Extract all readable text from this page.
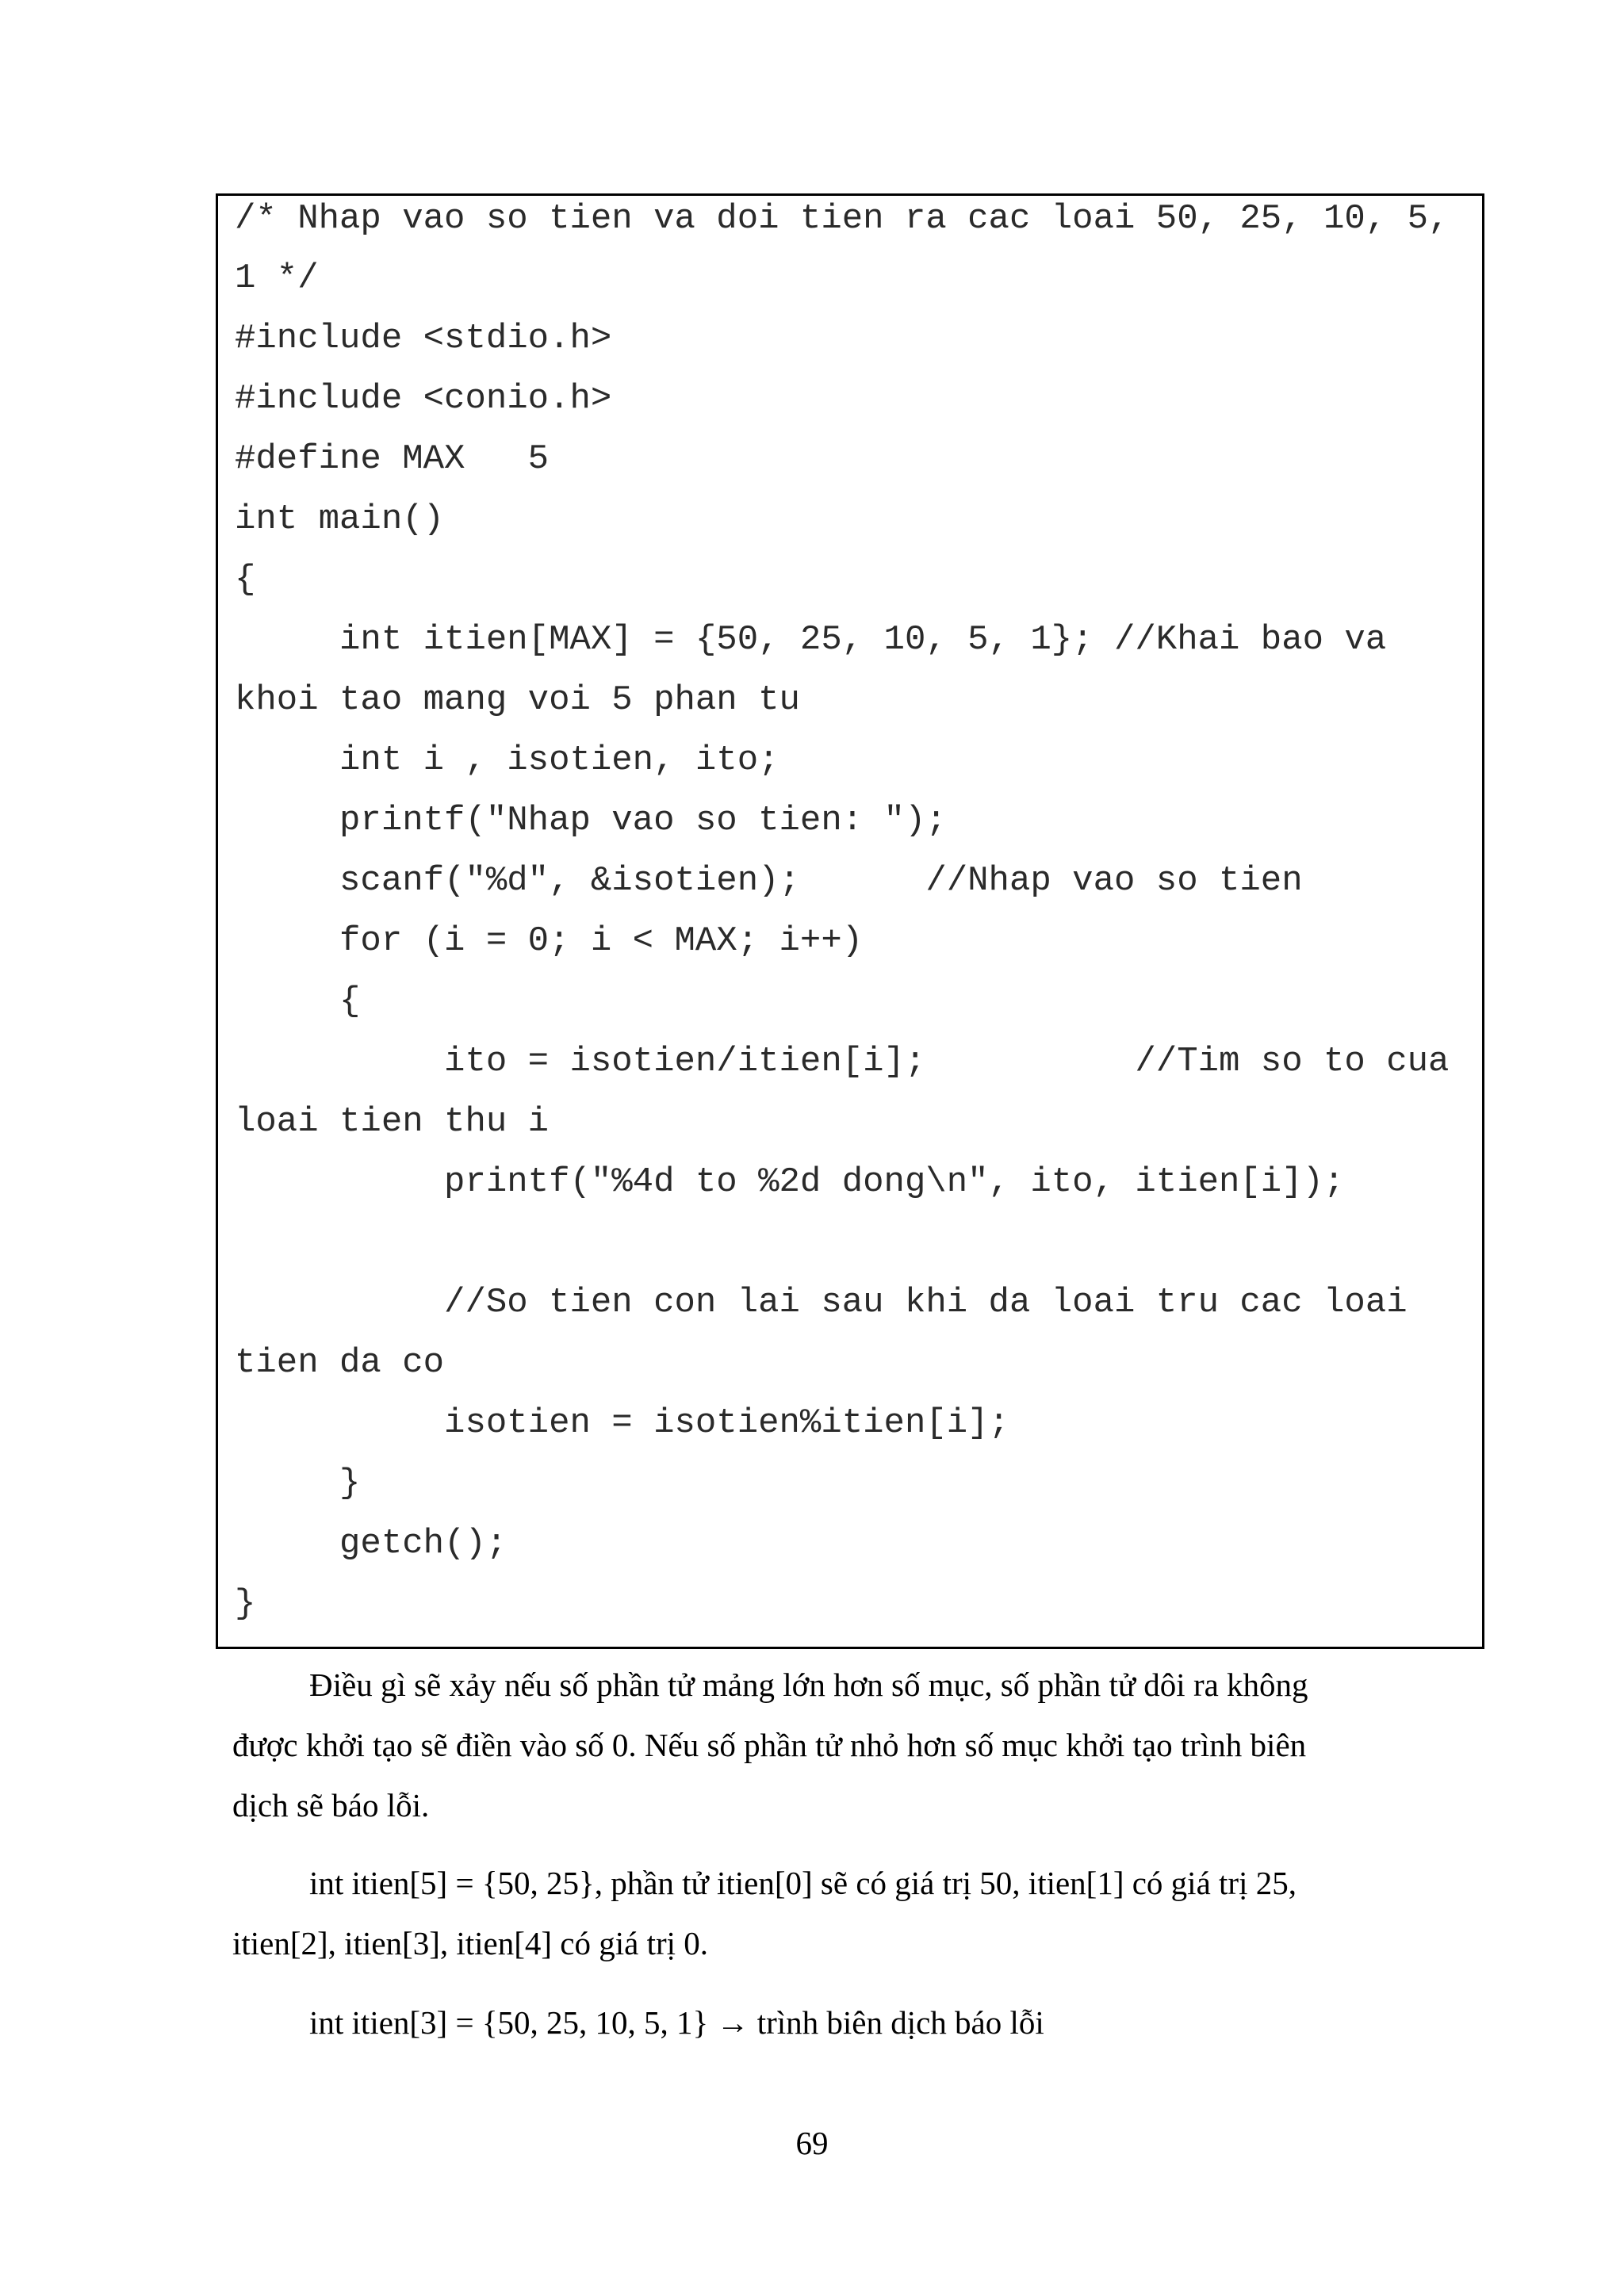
/* Nhap vao so tien va doi tien ra cac loai 50, 25, 10, 5,
1 */
#include <stdio.h>
#include <conio.h>
#define MAX   5
int main()
{
int itien[MAX] = {50, 25, 10, 5, 1}; //Khai bao va
khoi tao mang voi 5 phan tu
int i , isotien, ito;
printf("Nhap vao so tien: ");
scanf("%d", &isotien);      //Nhap vao so tien
for (i = 0; i < MAX; i++)
{
ito = isotien/itien[i];          //Tim so to cua
loai tien thu i
printf("%4d to %2d dong\n", ito, itien[i]);
//So tien con lai sau khi da loai tru cac loai
tien da co
isotien = isotien%itien[i];
}
getch();
}
Điều gì sẽ xảy nếu số phần tử mảng lớn hơn số mục, số phần tử dôi ra không
được khởi tạo sẽ điền vào số 0. Nếu số phần tử nhỏ hơn số mục khởi tạo trình biên
dịch sẽ báo lỗi.
int itien[5] = {50, 25}, phần tử itien[0] sẽ có giá trị 50, itien[1] có giá trị 25,
itien[2], itien[3], itien[4] có giá trị 0.
int itien[3] = {50, 25, 10, 5, 1} → trình biên dịch báo lỗi
69
